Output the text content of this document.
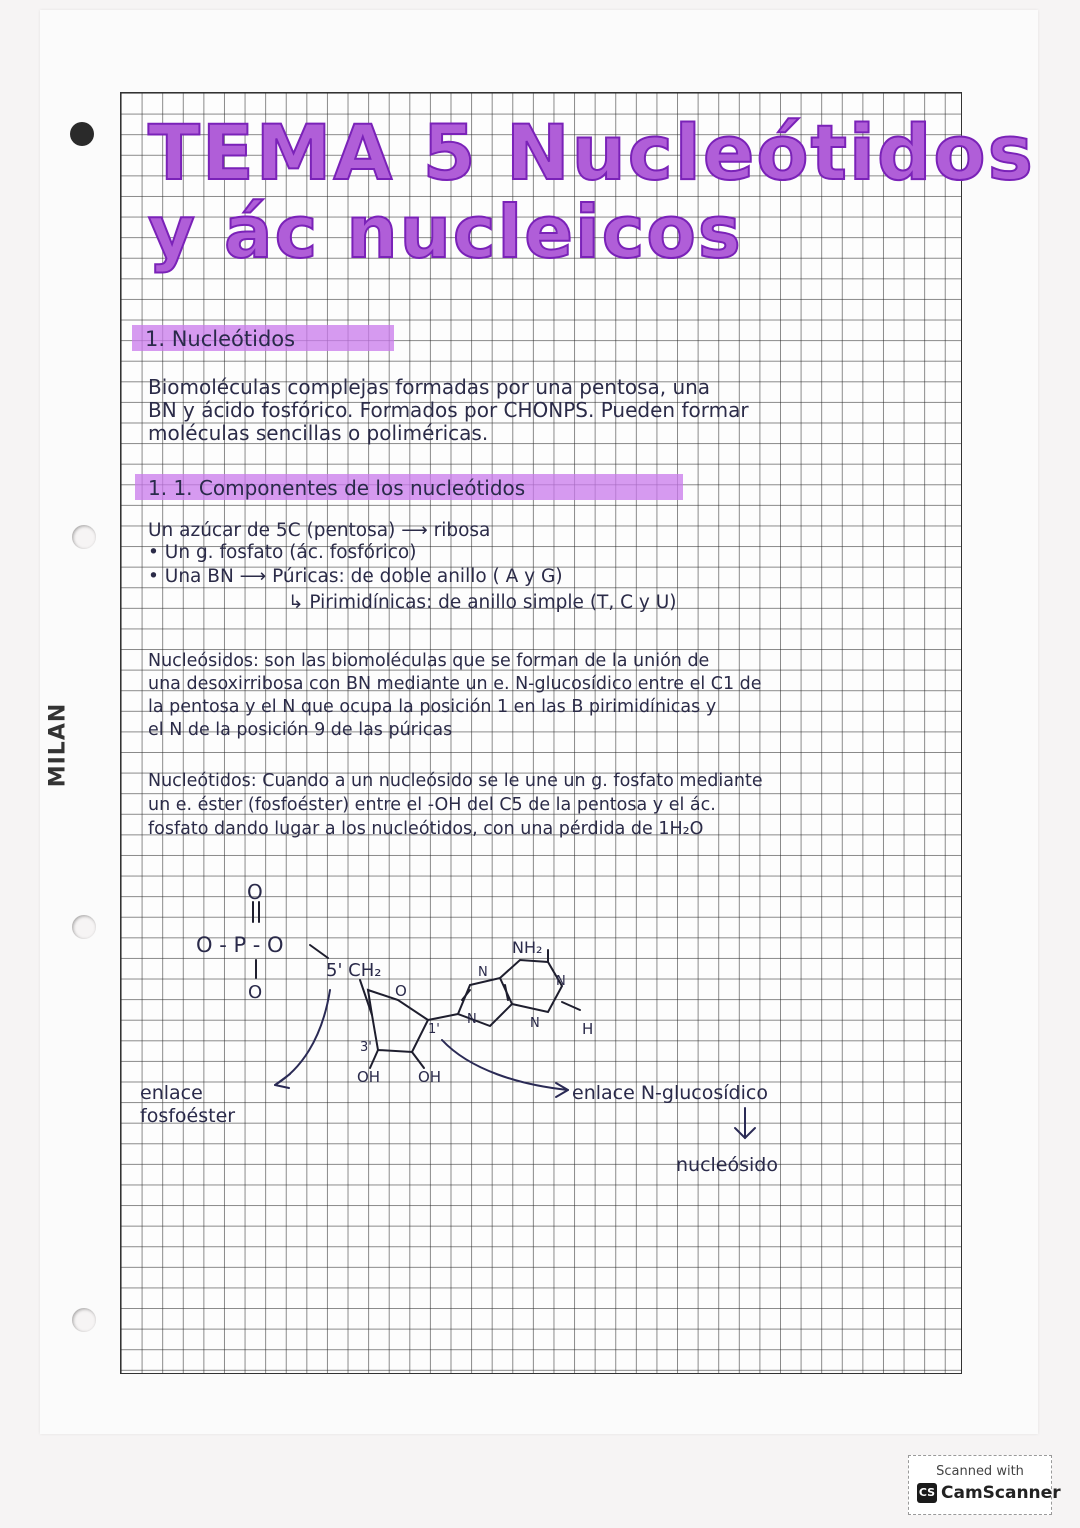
MILAN
TEMA 5 Nucleótidos
y ác nucleicos
1. Nucleótidos
Biomoléculas complejas formadas por una pentosa, una
BN y ácido fosfórico. Formados por CHONPS. Pueden formar
moléculas sencillas o poliméricas.
1. 1. Componentes de los nucleótidos
Un azúcar de 5C (pentosa) ⟶ ribosa
• Un g. fosfato (ác. fosfórico)
• Una BN ⟶ Púricas: de doble anillo ( A y G)
↳ Pirimidínicas: de anillo simple (T, C y U)
Nucleósidos: son las biomoléculas que se forman de la unión de
una desoxirribosa con BN mediante un e. N-glucosídico entre el C1 de
la pentosa y el N que ocupa la posición 1 en las B pirimidínicas y
el N de la posición 9 de las púricas
Nucleótidos: Cuando a un nucleósido se le une un g. fosfato mediante
un e. éster (fosfoéster) entre el -OH del C5 de la pentosa y el ác.
fosfato dando lugar a los nucleótidos, con una pérdida de 1H₂O
O
O - P - O
O
5' CH₂
O
3'
1'
OH	OH
NH₂
N
N
N	N	H
enlace
fosfoéster
enlace N-glucosídico
nucleósido
Scanned with
CS CamScanner
